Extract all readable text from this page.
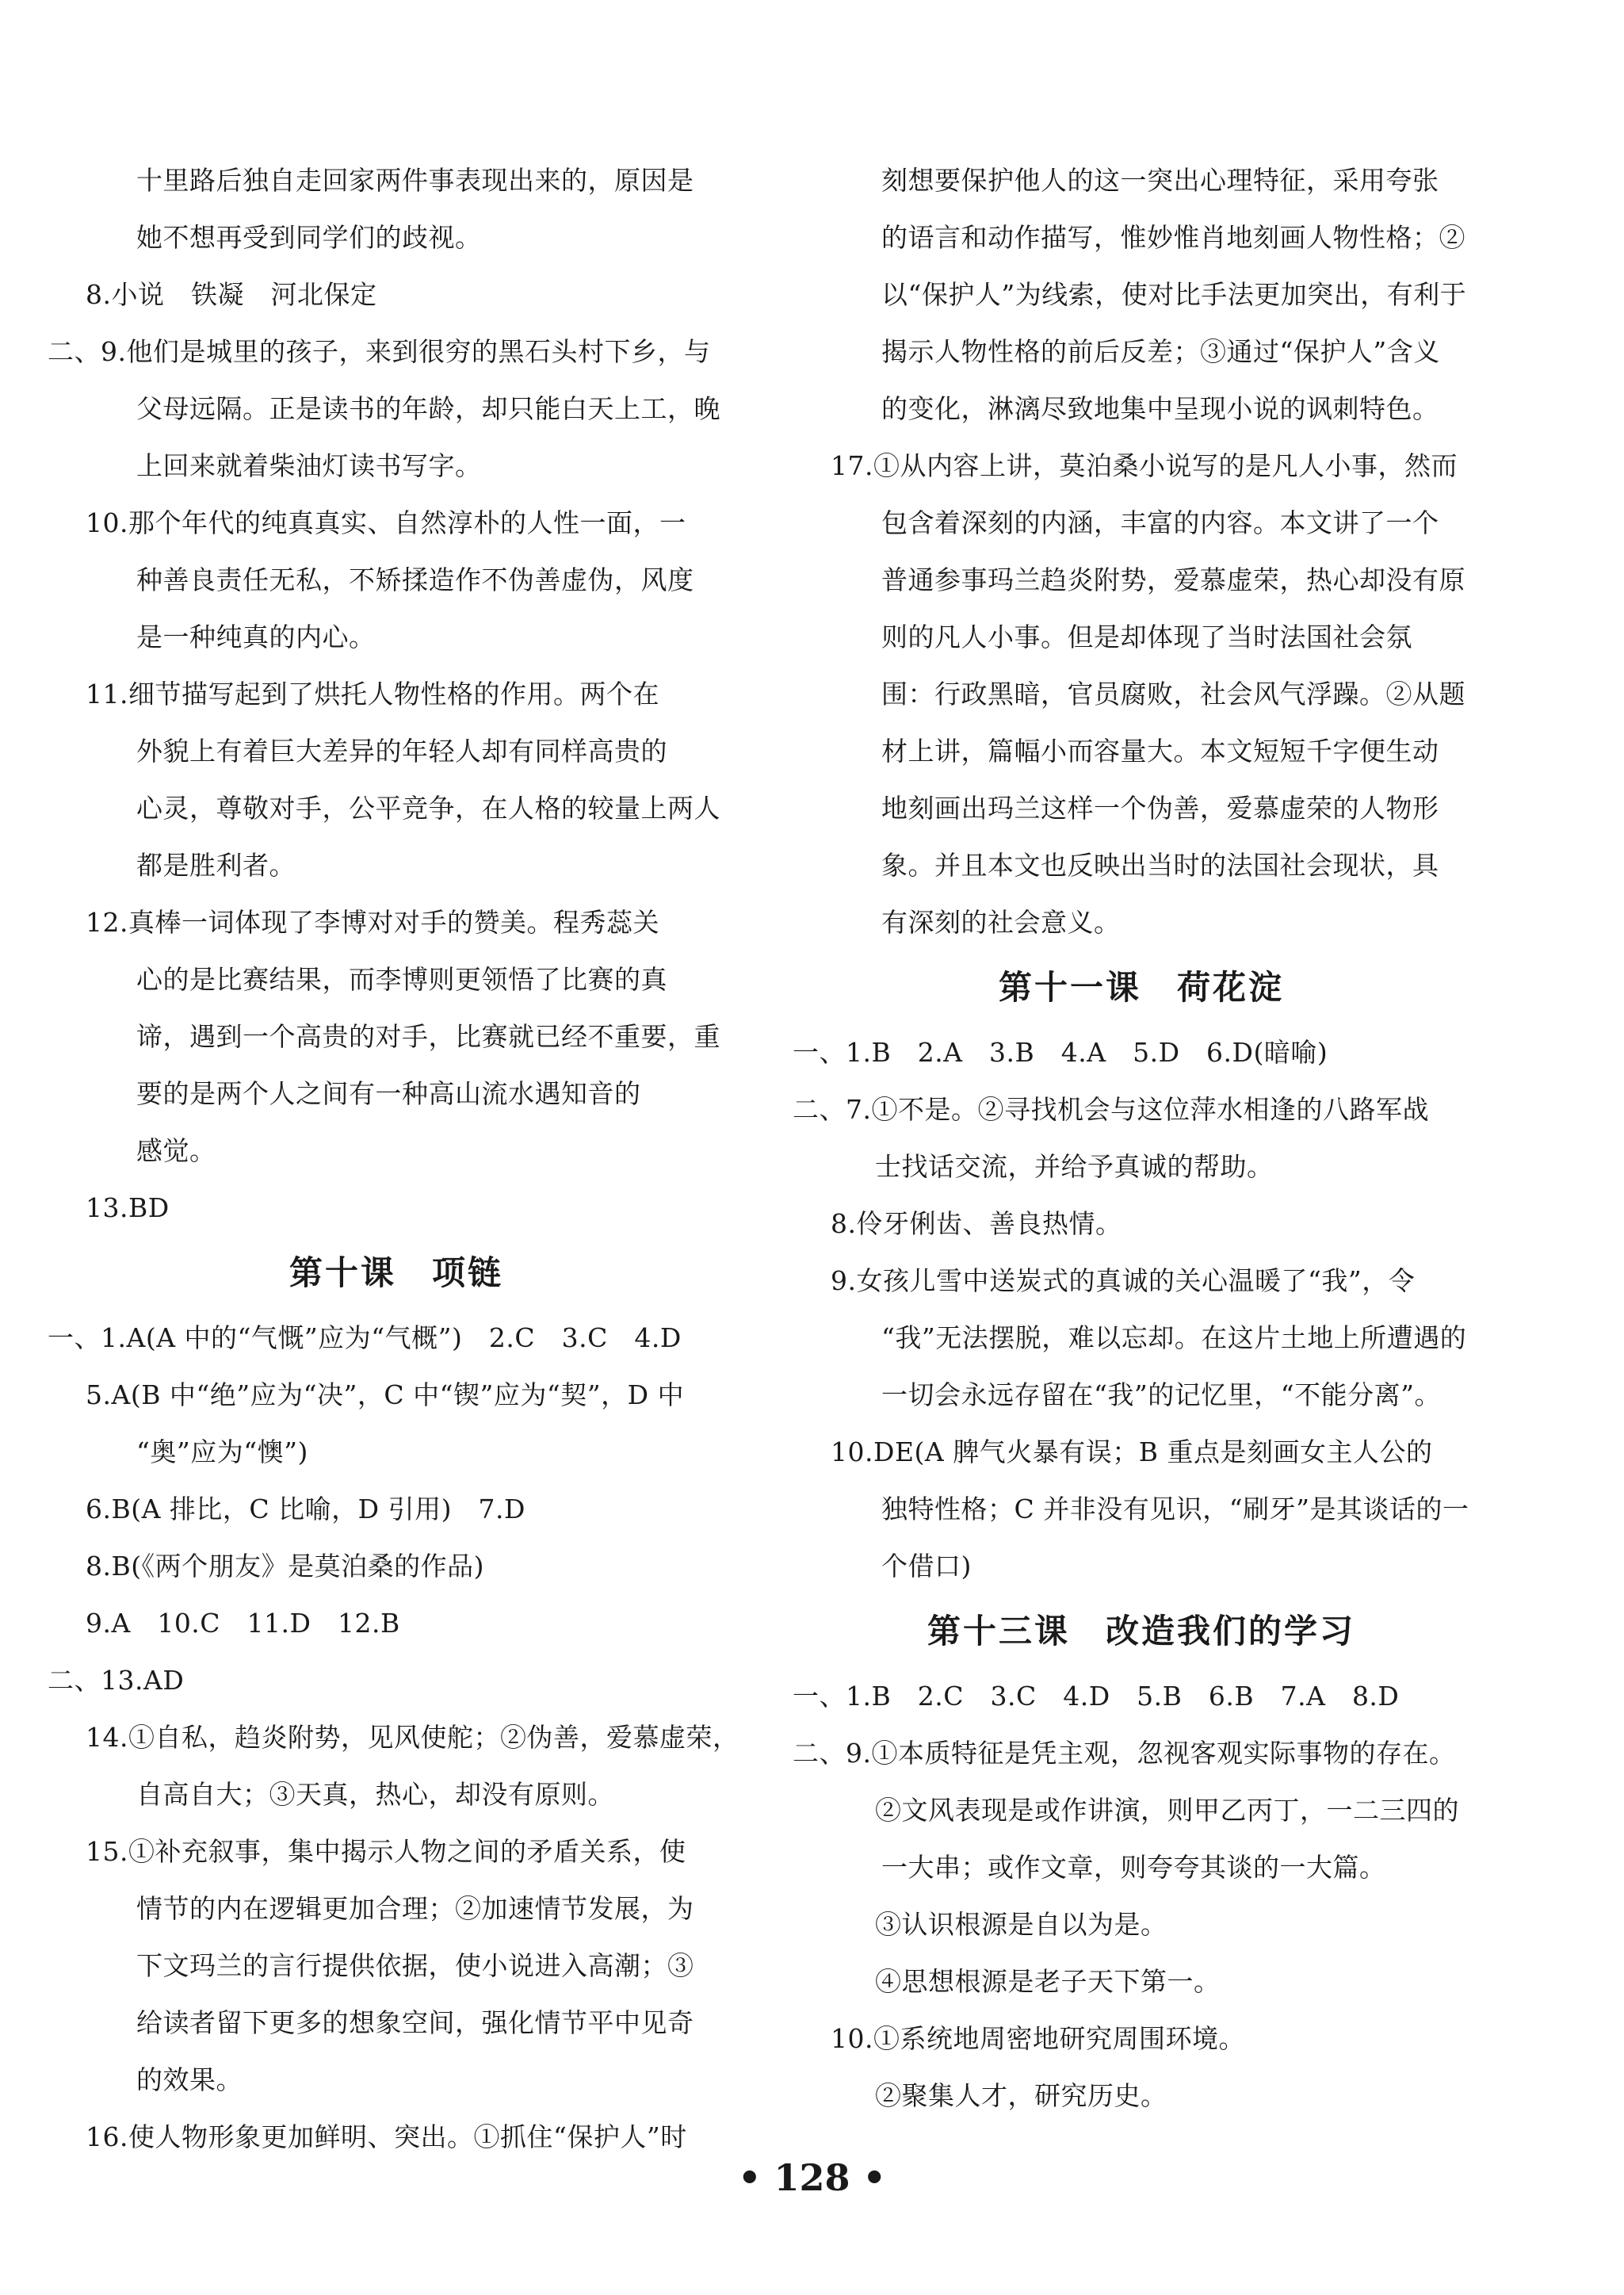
十里路后独自走回家两件事表现出来的，原因是
她不想再受到同学们的歧视。
8.小说　铁凝　河北保定
二、9.他们是城里的孩子，来到很穷的黑石头村下乡，与
父母远隔。正是读书的年龄，却只能白天上工，晚
上回来就着柴油灯读书写字。
10.那个年代的纯真真实、自然淳朴的人性一面，一
种善良责任无私，不矫揉造作不伪善虚伪，风度
是一种纯真的内心。
11.细节描写起到了烘托人物性格的作用。两个在
外貌上有着巨大差异的年轻人却有同样高贵的
心灵，尊敬对手，公平竞争，在人格的较量上两人
都是胜利者。
12.真棒一词体现了李博对对手的赞美。程秀蕊关
心的是比赛结果，而李博则更领悟了比赛的真
谛，遇到一个高贵的对手，比赛就已经不重要，重
要的是两个人之间有一种高山流水遇知音的
感觉。
13.BD
第十课　项链
一、1.A(A 中的“气慨”应为“气概”)　2.C　3.C　4.D
5.A(B 中“绝”应为“决”，C 中“锲”应为“契”，D 中
“奥”应为“懊”)
6.B(A 排比，C 比喻，D 引用)　7.D
8.B(《两个朋友》是莫泊桑的作品)
9.A　10.C　11.D　12.B
二、13.AD
14.①自私，趋炎附势，见风使舵；②伪善，爱慕虚荣，
自高自大；③天真，热心，却没有原则。
15.①补充叙事，集中揭示人物之间的矛盾关系，使
情节的内在逻辑更加合理；②加速情节发展，为
下文玛兰的言行提供依据，使小说进入高潮；③
给读者留下更多的想象空间，强化情节平中见奇
的效果。
16.使人物形象更加鲜明、突出。①抓住“保护人”时
刻想要保护他人的这一突出心理特征，采用夸张
的语言和动作描写，惟妙惟肖地刻画人物性格；②
以“保护人”为线索，使对比手法更加突出，有利于
揭示人物性格的前后反差；③通过“保护人”含义
的变化，淋漓尽致地集中呈现小说的讽刺特色。
17.①从内容上讲，莫泊桑小说写的是凡人小事，然而
包含着深刻的内涵，丰富的内容。本文讲了一个
普通参事玛兰趋炎附势，爱慕虚荣，热心却没有原
则的凡人小事。但是却体现了当时法国社会氛
围：行政黑暗，官员腐败，社会风气浮躁。②从题
材上讲，篇幅小而容量大。本文短短千字便生动
地刻画出玛兰这样一个伪善，爱慕虚荣的人物形
象。并且本文也反映出当时的法国社会现状，具
有深刻的社会意义。
第十一课　荷花淀
一、1.B　2.A　3.B　4.A　5.D　6.D(暗喻)
二、7.①不是。②寻找机会与这位萍水相逢的八路军战
士找话交流，并给予真诚的帮助。
8.伶牙俐齿、善良热情。
9.女孩儿雪中送炭式的真诚的关心温暖了“我”，令
“我”无法摆脱，难以忘却。在这片土地上所遭遇的
一切会永远存留在“我”的记忆里，“不能分离”。
10.DE(A 脾气火暴有误；B 重点是刻画女主人公的
独特性格；C 并非没有见识，“刷牙”是其谈话的一
个借口)
第十三课　改造我们的学习
一、1.B　2.C　3.C　4.D　5.B　6.B　7.A　8.D
二、9.①本质特征是凭主观，忽视客观实际事物的存在。
②文风表现是或作讲演，则甲乙丙丁，一二三四的
一大串；或作文章，则夸夸其谈的一大篇。
③认识根源是自以为是。
④思想根源是老子天下第一。
10.①系统地周密地研究周围环境。
②聚集人才，研究历史。
• 128 •
